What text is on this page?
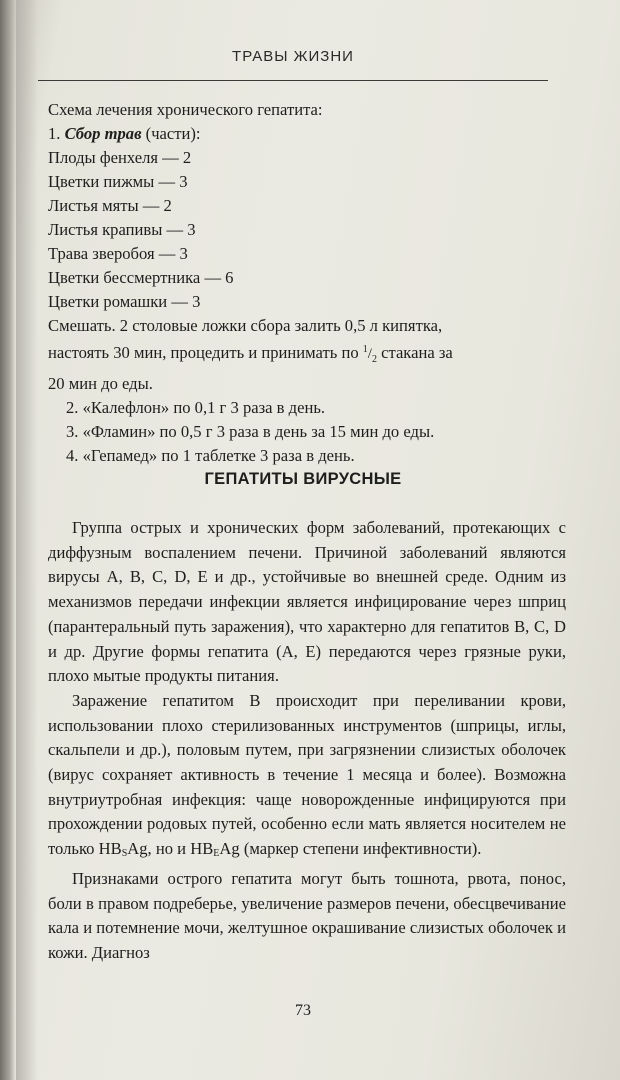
ТРАВЫ ЖИЗНИ
Схема лечения хронического гепатита:
1. Сбор трав (части):
Плоды фенхеля — 2
Цветки пижмы — 3
Листья мяты — 2
Листья крапивы — 3
Трава зверобоя — 3
Цветки бессмертника — 6
Цветки ромашки — 3
Смешать. 2 столовые ложки сбора залить 0,5 л кипятка,
настоять 30 мин, процедить и принимать по $^1/_2$ стакана за
20 мин до еды.
2. «Калефлон» по 0,1 г 3 раза в день.
3. «Фламин» по 0,5 г 3 раза в день за 15 мин до еды.
4. «Гепамед» по 1 таблетке 3 раза в день.
ГЕПАТИТЫ ВИРУСНЫЕ

Группа острых и хронических форм заболеваний, протекающих с диффузным воспалением печени. Причиной заболеваний являются вирусы A, B, C, D, E и др., устойчивые во внешней среде. Одним из механизмов передачи инфекции является инфицирование через шприц (парантеральный путь заражения), что характерно для гепатитов B, C, D и др. Другие формы гепатита (A, E) передаются через грязные руки, плохо мытые продукты питания.

Заражение гепатитом B происходит при переливании крови, использовании плохо стерилизованных инструментов (шприцы, иглы, скальпели и др.), половым путем, при загрязнении слизистых оболочек (вирус сохраняет активность в течение 1 месяца и более). Возможна внутриутробная инфекция: чаще новорожденные инфицируются при прохождении родовых путей, особенно если мать является носителем не только $HB_SAg$, но и $HB_EAg$ (маркер степени инфективности).

Признаками острого гепатита могут быть тошнота, рвота, понос, боли в правом подреберье, увеличение размеров печени, обесцвечивание кала и потемнение мочи, желтушное окрашивание слизистых оболочек и кожи. Диагноз

73
